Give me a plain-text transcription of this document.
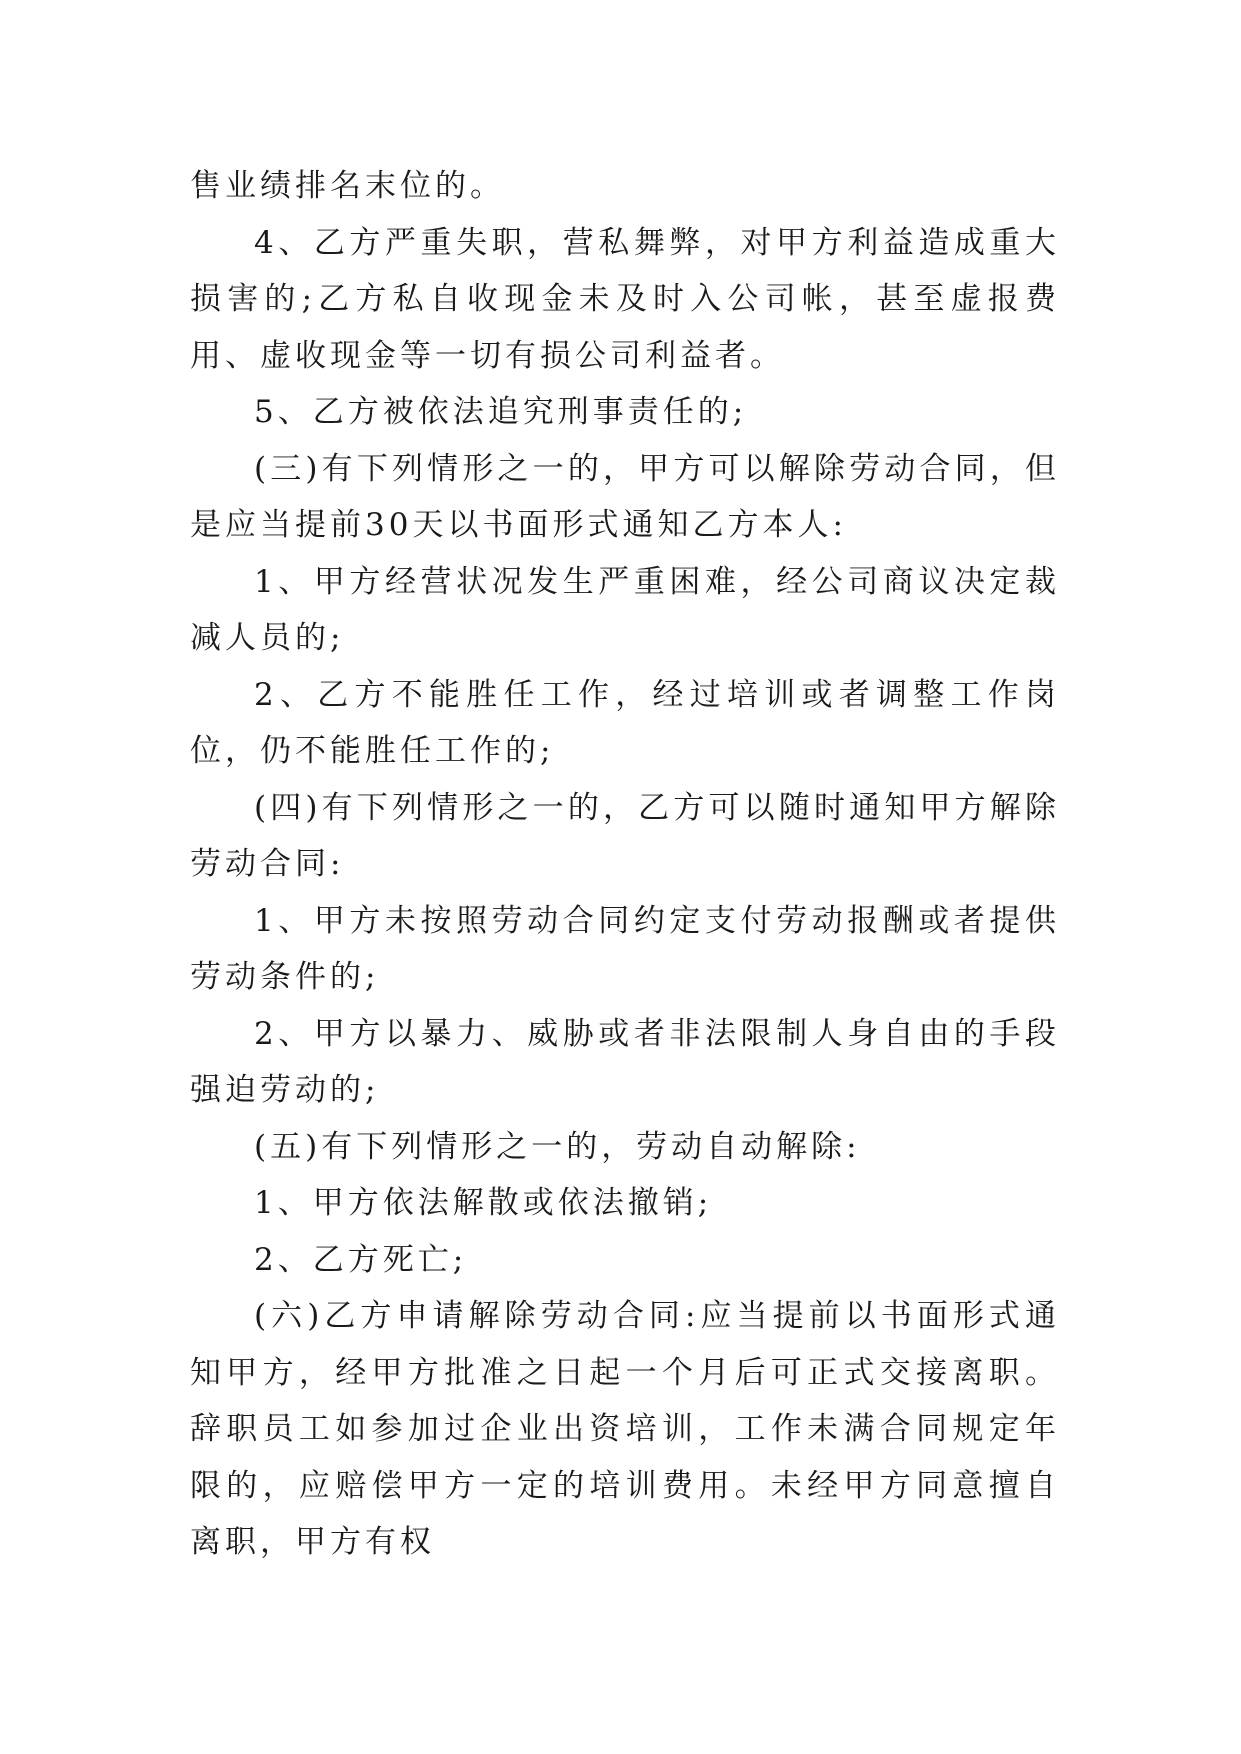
售业绩排名末位的。

4、乙方严重失职，营私舞弊，对甲方利益造成重大损害的;乙方私自收现金未及时入公司帐，甚至虚报费用、虚收现金等一切有损公司利益者。

5、乙方被依法追究刑事责任的;

(三)有下列情形之一的，甲方可以解除劳动合同，但是应当提前30天以书面形式通知乙方本人:

1、甲方经营状况发生严重困难，经公司商议决定裁减人员的;

2、乙方不能胜任工作，经过培训或者调整工作岗位，仍不能胜任工作的;

(四)有下列情形之一的，乙方可以随时通知甲方解除劳动合同:

1、甲方未按照劳动合同约定支付劳动报酬或者提供劳动条件的;

2、甲方以暴力、威胁或者非法限制人身自由的手段强迫劳动的;

(五)有下列情形之一的，劳动自动解除:

1、甲方依法解散或依法撤销;

2、乙方死亡;

(六)乙方申请解除劳动合同:应当提前以书面形式通知甲方，经甲方批准之日起一个月后可正式交接离职。辞职员工如参加过企业出资培训，工作未满合同规定年限的，应赔偿甲方一定的培训费用。未经甲方同意擅自离职，甲方有权
